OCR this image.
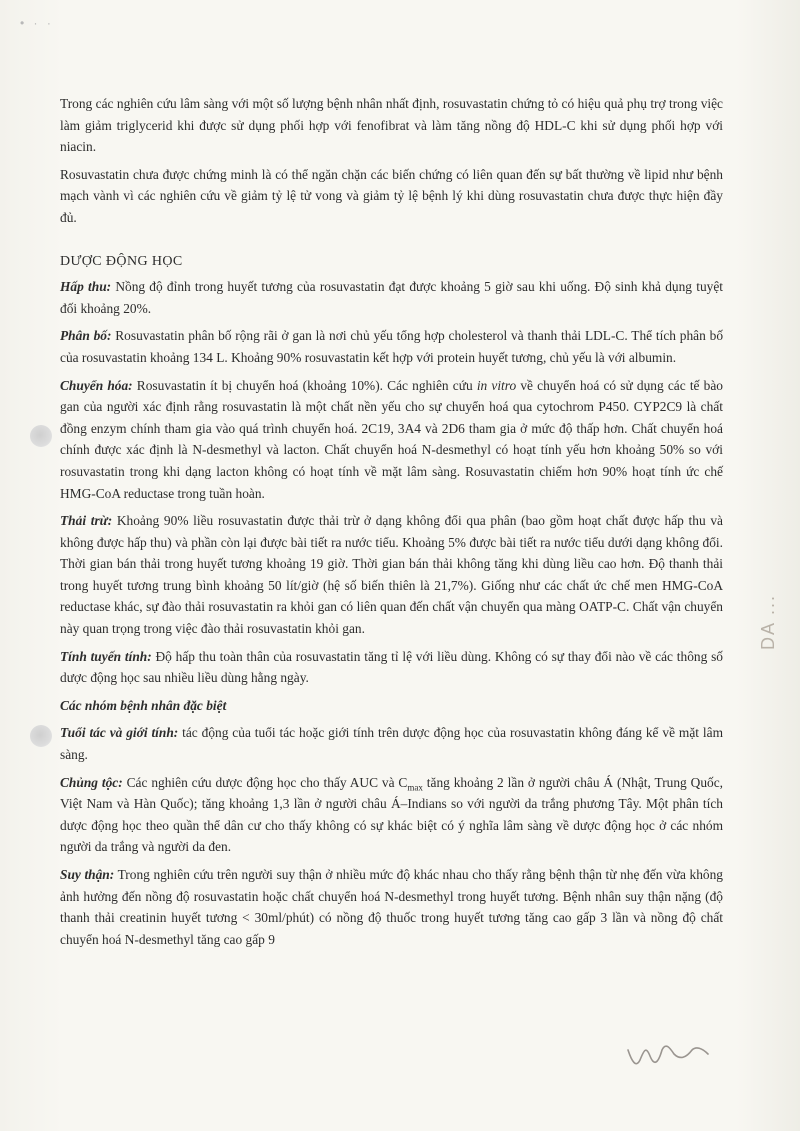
• · ·
DA ...

Trong các nghiên cứu lâm sàng với một số lượng bệnh nhân nhất định, rosuvastatin chứng tỏ có hiệu quả phụ trợ trong việc làm giảm triglycerid khi được sử dụng phối hợp với fenofibrat và làm tăng nồng độ HDL-C khi sử dụng phối hợp với niacin.

Rosuvastatin chưa được chứng minh là có thể ngăn chặn các biến chứng có liên quan đến sự bất thường về lipid như bệnh mạch vành vì các nghiên cứu về giảm tỷ lệ tử vong và giảm tỷ lệ bệnh lý khi dùng rosuvastatin chưa được thực hiện đầy đủ.

DƯỢC ĐỘNG HỌC

Hấp thu: Nồng độ đỉnh trong huyết tương của rosuvastatin đạt được khoảng 5 giờ sau khi uống. Độ sinh khả dụng tuyệt đối khoảng 20%.

Phân bố: Rosuvastatin phân bố rộng rãi ở gan là nơi chủ yếu tổng hợp cholesterol và thanh thải LDL-C. Thể tích phân bố của rosuvastatin khoảng 134 L. Khoảng 90% rosuvastatin kết hợp với protein huyết tương, chủ yếu là với albumin.

Chuyển hóa: Rosuvastatin ít bị chuyển hoá (khoảng 10%). Các nghiên cứu in vitro về chuyển hoá có sử dụng các tế bào gan của người xác định rằng rosuvastatin là một chất nền yếu cho sự chuyển hoá qua cytochrom P450. CYP2C9 là chất đồng enzym chính tham gia vào quá trình chuyển hoá. 2C19, 3A4 và 2D6 tham gia ở mức độ thấp hơn. Chất chuyển hoá chính được xác định là N-desmethyl và lacton. Chất chuyển hoá N-desmethyl có hoạt tính yếu hơn khoảng 50% so với rosuvastatin trong khi dạng lacton không có hoạt tính về mặt lâm sàng. Rosuvastatin chiếm hơn 90% hoạt tính ức chế HMG-CoA reductase trong tuần hoàn.

Thải trừ: Khoảng 90% liều rosuvastatin được thải trừ ở dạng không đổi qua phân (bao gồm hoạt chất được hấp thu và không được hấp thu) và phần còn lại được bài tiết ra nước tiểu. Khoảng 5% được bài tiết ra nước tiểu dưới dạng không đổi. Thời gian bán thải trong huyết tương khoảng 19 giờ. Thời gian bán thải không tăng khi dùng liều cao hơn. Độ thanh thải trong huyết tương trung bình khoảng 50 lít/giờ (hệ số biến thiên là 21,7%). Giống như các chất ức chế men HMG-CoA reductase khác, sự đào thải rosuvastatin ra khỏi gan có liên quan đến chất vận chuyển qua màng OATP-C. Chất vận chuyển này quan trọng trong việc đào thải rosuvastatin khỏi gan.

Tính tuyến tính: Độ hấp thu toàn thân của rosuvastatin tăng tỉ lệ với liều dùng. Không có sự thay đổi nào về các thông số dược động học sau nhiều liều dùng hằng ngày.

Các nhóm bệnh nhân đặc biệt

Tuổi tác và giới tính: tác động của tuổi tác hoặc giới tính trên dược động học của rosuvastatin không đáng kể về mặt lâm sàng.

Chủng tộc: Các nghiên cứu dược động học cho thấy AUC và $C_{max}$ tăng khoảng 2 lần ở người châu Á (Nhật, Trung Quốc, Việt Nam và Hàn Quốc); tăng khoảng 1,3 lần ở người châu Á–Indians so với người da trắng phương Tây. Một phân tích dược động học theo quần thể dân cư cho thấy không có sự khác biệt có ý nghĩa lâm sàng về dược động học ở các nhóm người da trắng và người da đen.

Suy thận: Trong nghiên cứu trên người suy thận ở nhiều mức độ khác nhau cho thấy rằng bệnh thận từ nhẹ đến vừa không ảnh hưởng đến nồng độ rosuvastatin hoặc chất chuyển hoá N-desmethyl trong huyết tương. Bệnh nhân suy thận nặng (độ thanh thải creatinin huyết tương < 30ml/phút) có nồng độ thuốc trong huyết tương tăng cao gấp 3 lần và nồng độ chất chuyển hoá N-desmethyl tăng cao gấp 9
